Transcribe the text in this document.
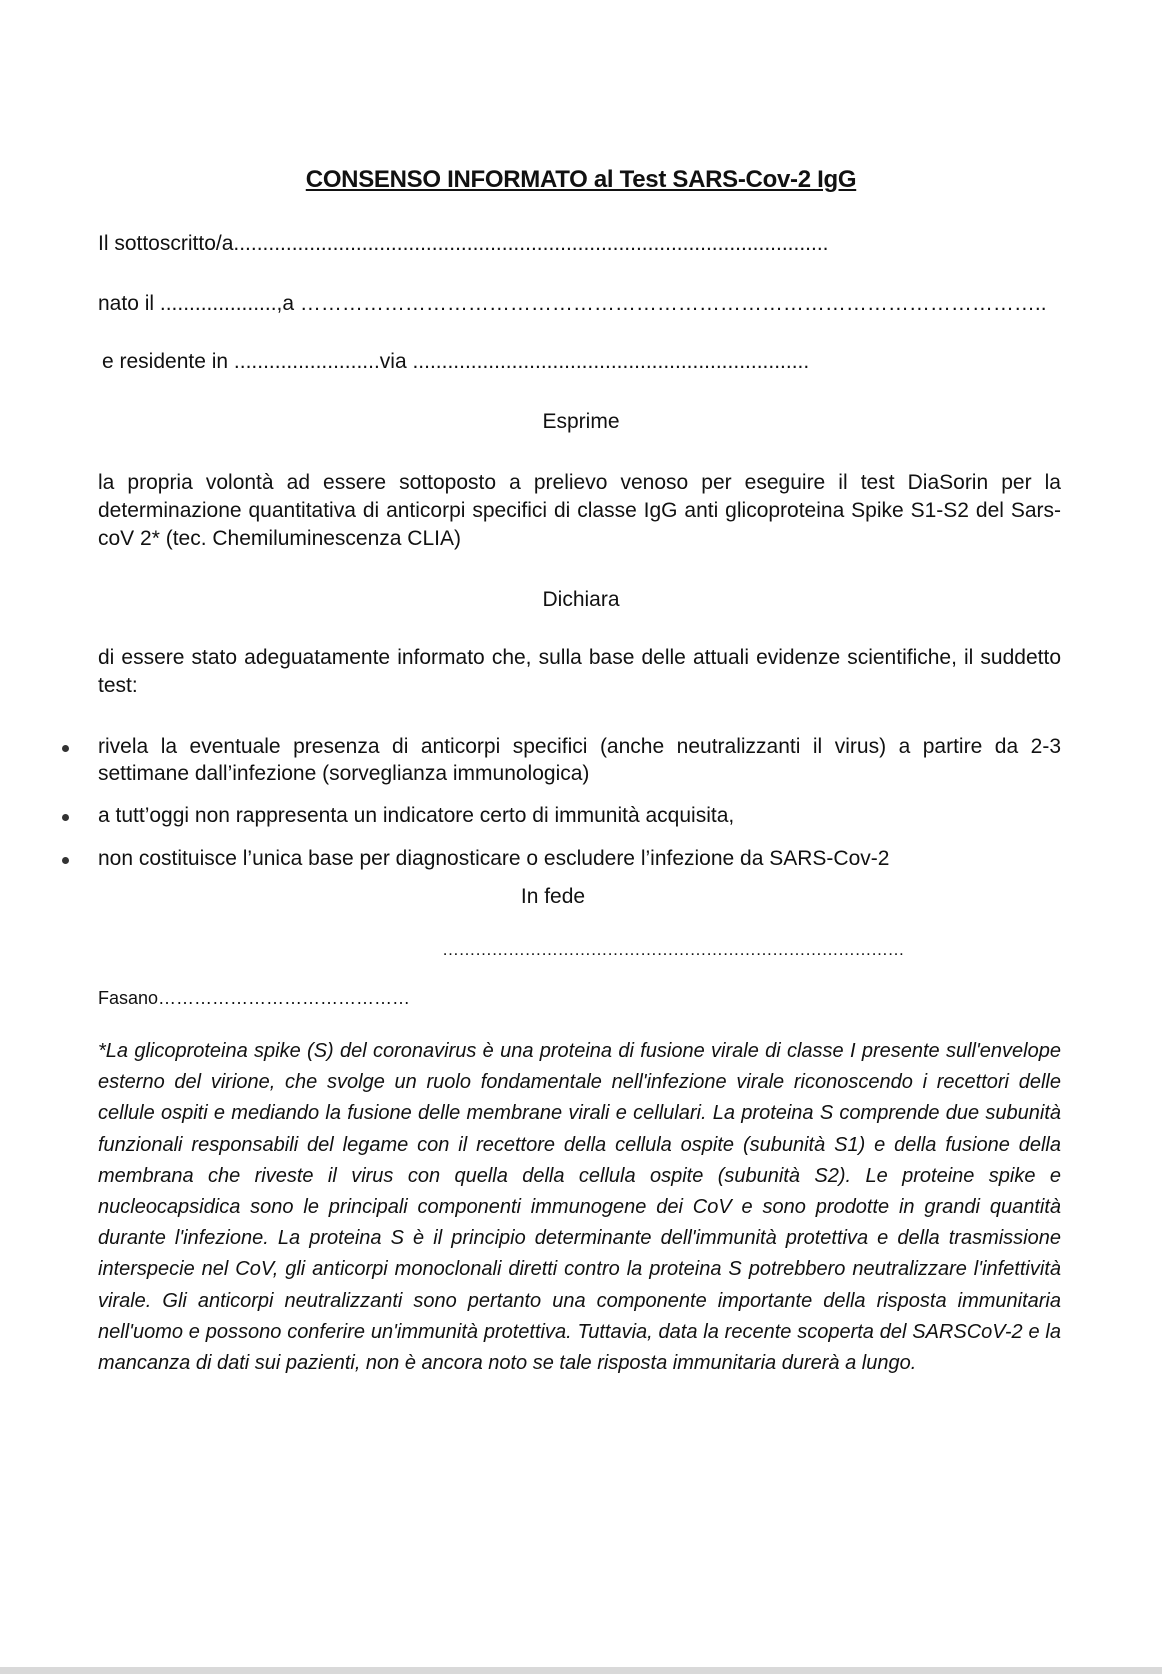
CONSENSO INFORMATO al Test SARS-Cov-2 IgG
Il sottoscritto/a......................................................................................................
nato il ....................,a ……………………………………………………………………………………………..
e residente in .........................via ....................................................................
Esprime
la propria volontà ad essere sottoposto a prelievo venoso per eseguire il test DiaSorin per la determinazione quantitativa di anticorpi specifici di classe IgG anti glicoproteina Spike S1-S2 del Sars-coV 2* (tec. Chemiluminescenza CLIA)
Dichiara
di essere stato adeguatamente informato che, sulla base delle attuali evidenze scientifiche, il suddetto test:
rivela la eventuale presenza di anticorpi specifici (anche neutralizzanti il virus) a partire da 2-3 settimane dall’infezione (sorveglianza immunologica)
a tutt’oggi non rappresenta un indicatore certo di immunità acquisita,
non costituisce l’unica base per diagnosticare o escludere l’infezione da SARS-Cov-2
In fede
…………………………………………………………………………
Fasano……………………………………
*La glicoproteina spike (S) del coronavirus è una proteina di fusione virale di classe I presente sull'envelope esterno del virione, che svolge un ruolo fondamentale nell'infezione virale riconoscendo i recettori delle cellule ospiti e mediando la fusione delle membrane virali e cellulari. La proteina S comprende due subunità funzionali responsabili del legame con il recettore della cellula ospite (subunità S1) e della fusione della membrana che riveste il virus con quella della cellula ospite (subunità S2). Le proteine spike e nucleocapsidica sono le principali componenti immunogene dei CoV e sono prodotte in grandi quantità durante l'infezione. La proteina S è il principio determinante dell'immunità protettiva e della trasmissione interspecie nel CoV, gli anticorpi monoclonali diretti contro la proteina S potrebbero neutralizzare l'infettività virale. Gli anticorpi neutralizzanti sono pertanto una componente importante della risposta immunitaria nell'uomo e possono conferire un'immunità protettiva. Tuttavia, data la recente scoperta del SARSCoV-2 e la mancanza di dati sui pazienti, non è ancora noto se tale risposta immunitaria durerà a lungo.
